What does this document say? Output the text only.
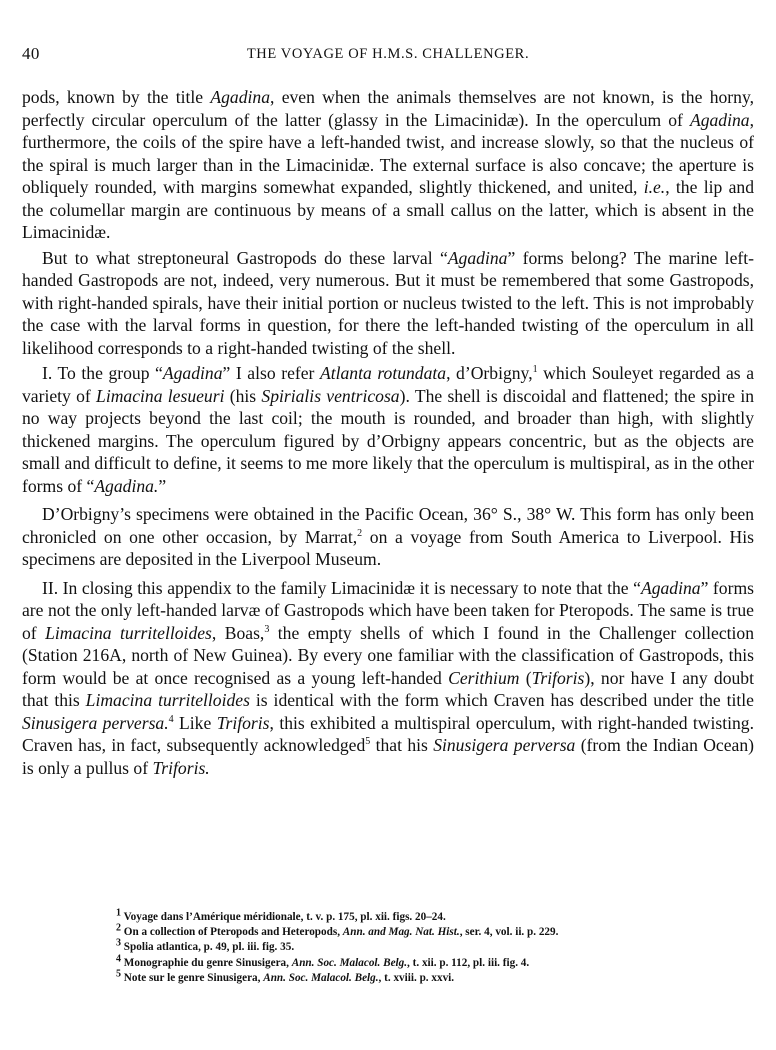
40	THE VOYAGE OF H.M.S. CHALLENGER.

pods, known by the title Agadina, even when the animals themselves are not known, is the horny, perfectly circular operculum of the latter (glassy in the Limacinidæ). In the operculum of Agadina, furthermore, the coils of the spire have a left-handed twist, and increase slowly, so that the nucleus of the spiral is much larger than in the Limacinidæ. The external surface is also concave; the aperture is obliquely rounded, with margins somewhat expanded, slightly thickened, and united, i.e., the lip and the columellar margin are continuous by means of a small callus on the latter, which is absent in the Limacinidæ.

But to what streptoneural Gastropods do these larval “Agadina” forms belong? The marine left-handed Gastropods are not, indeed, very numerous. But it must be remembered that some Gastropods, with right-handed spirals, have their initial portion or nucleus twisted to the left. This is not improbably the case with the larval forms in question, for there the left-handed twisting of the operculum in all likelihood corresponds to a right-handed twisting of the shell.

I. To the group “Agadina” I also refer Atlanta rotundata, d’Orbigny,$^1$ which Souleyet regarded as a variety of Limacina lesueuri (his Spirialis ventricosa). The shell is discoidal and flattened; the spire in no way projects beyond the last coil; the mouth is rounded, and broader than high, with slightly thickened margins. The operculum figured by d’Orbigny appears concentric, but as the objects are small and difficult to define, it seems to me more likely that the operculum is multispiral, as in the other forms of “Agadina.”

D’Orbigny’s specimens were obtained in the Pacific Ocean, 36° S., 38° W. This form has only been chronicled on one other occasion, by Marrat,$^2$ on a voyage from South America to Liverpool. His specimens are deposited in the Liverpool Museum.

II. In closing this appendix to the family Limacinidæ it is necessary to note that the “Agadina” forms are not the only left-handed larvæ of Gastropods which have been taken for Pteropods. The same is true of Limacina turritelloides, Boas,$^3$ the empty shells of which I found in the Challenger collection (Station 216A, north of New Guinea). By every one familiar with the classification of Gastropods, this form would be at once recognised as a young left-handed Cerithium (Triforis), nor have I any doubt that this Limacina turritelloides is identical with the form which Craven has described under the title Sinusigera perversa.$^4$ Like Triforis, this exhibited a multispiral operculum, with right-handed twisting. Craven has, in fact, subsequently acknowledged$^5$ that his Sinusigera perversa (from the Indian Ocean) is only a pullus of Triforis.

$^1$ Voyage dans l’Amérique méridionale, t. v. p. 175, pl. xii. figs. 20–24.
$^2$ On a collection of Pteropods and Heteropods, Ann. and Mag. Nat. Hist., ser. 4, vol. ii. p. 229.
$^3$ Spolia atlantica, p. 49, pl. iii. fig. 35.
$^4$ Monographie du genre Sinusigera, Ann. Soc. Malacol. Belg., t. xii. p. 112, pl. iii. fig. 4.
$^5$ Note sur le genre Sinusigera, Ann. Soc. Malacol. Belg., t. xviii. p. xxvi.
